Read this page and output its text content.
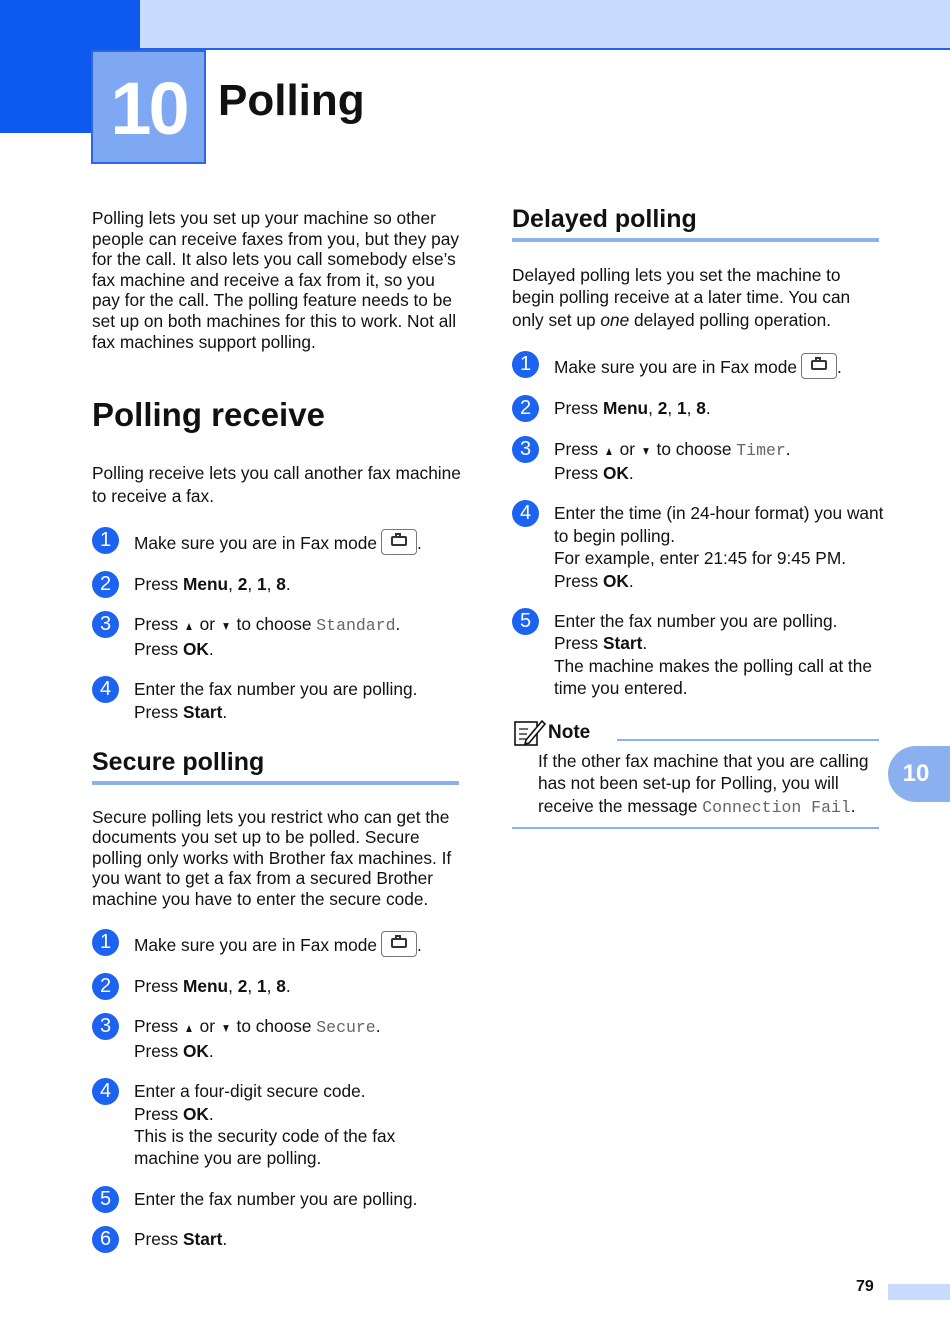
10 Polling

Polling lets you set up your machine so other people can receive faxes from you, but they pay for the call. It also lets you call somebody else’s fax machine and receive a fax from it, so you pay for the call. The polling feature needs to be set up on both machines for this to work. Not all fax machines support polling.

Polling receive

Polling receive lets you call another fax machine to receive a fax.

1	Make sure you are in Fax mode .
2	Press Menu, 2, 1, 8.
3	Press ▲ or ▼ to choose Standard.
Press OK.
4	Enter the fax number you are polling.
Press Start.
Secure polling

Secure polling lets you restrict who can get the documents you set up to be polled. Secure polling only works with Brother fax machines. If you want to get a fax from a secured Brother machine you have to enter the secure code.

1	Make sure you are in Fax mode .
2	Press Menu, 2, 1, 8.
3	Press ▲ or ▼ to choose Secure.
Press OK.
4	Enter a four-digit secure code.
Press OK.
This is the security code of the fax machine you are polling.
5	Enter the fax number you are polling.
6	Press Start.
Delayed polling

Delayed polling lets you set the machine to begin polling receive at a later time. You can only set up one delayed polling operation.

1	Make sure you are in Fax mode .
2	Press Menu, 2, 1, 8.
3	Press ▲ or ▼ to choose Timer.
Press OK.
4	Enter the time (in 24-hour format) you want to begin polling.
For example, enter 21:45 for 9:45 PM.
Press OK.
5	Enter the fax number you are polling.
Press Start.
The machine makes the polling call at the time you entered.
Note
If the other fax machine that you are calling has not been set-up for Polling, you will receive the message Connection Fail.
10
79
